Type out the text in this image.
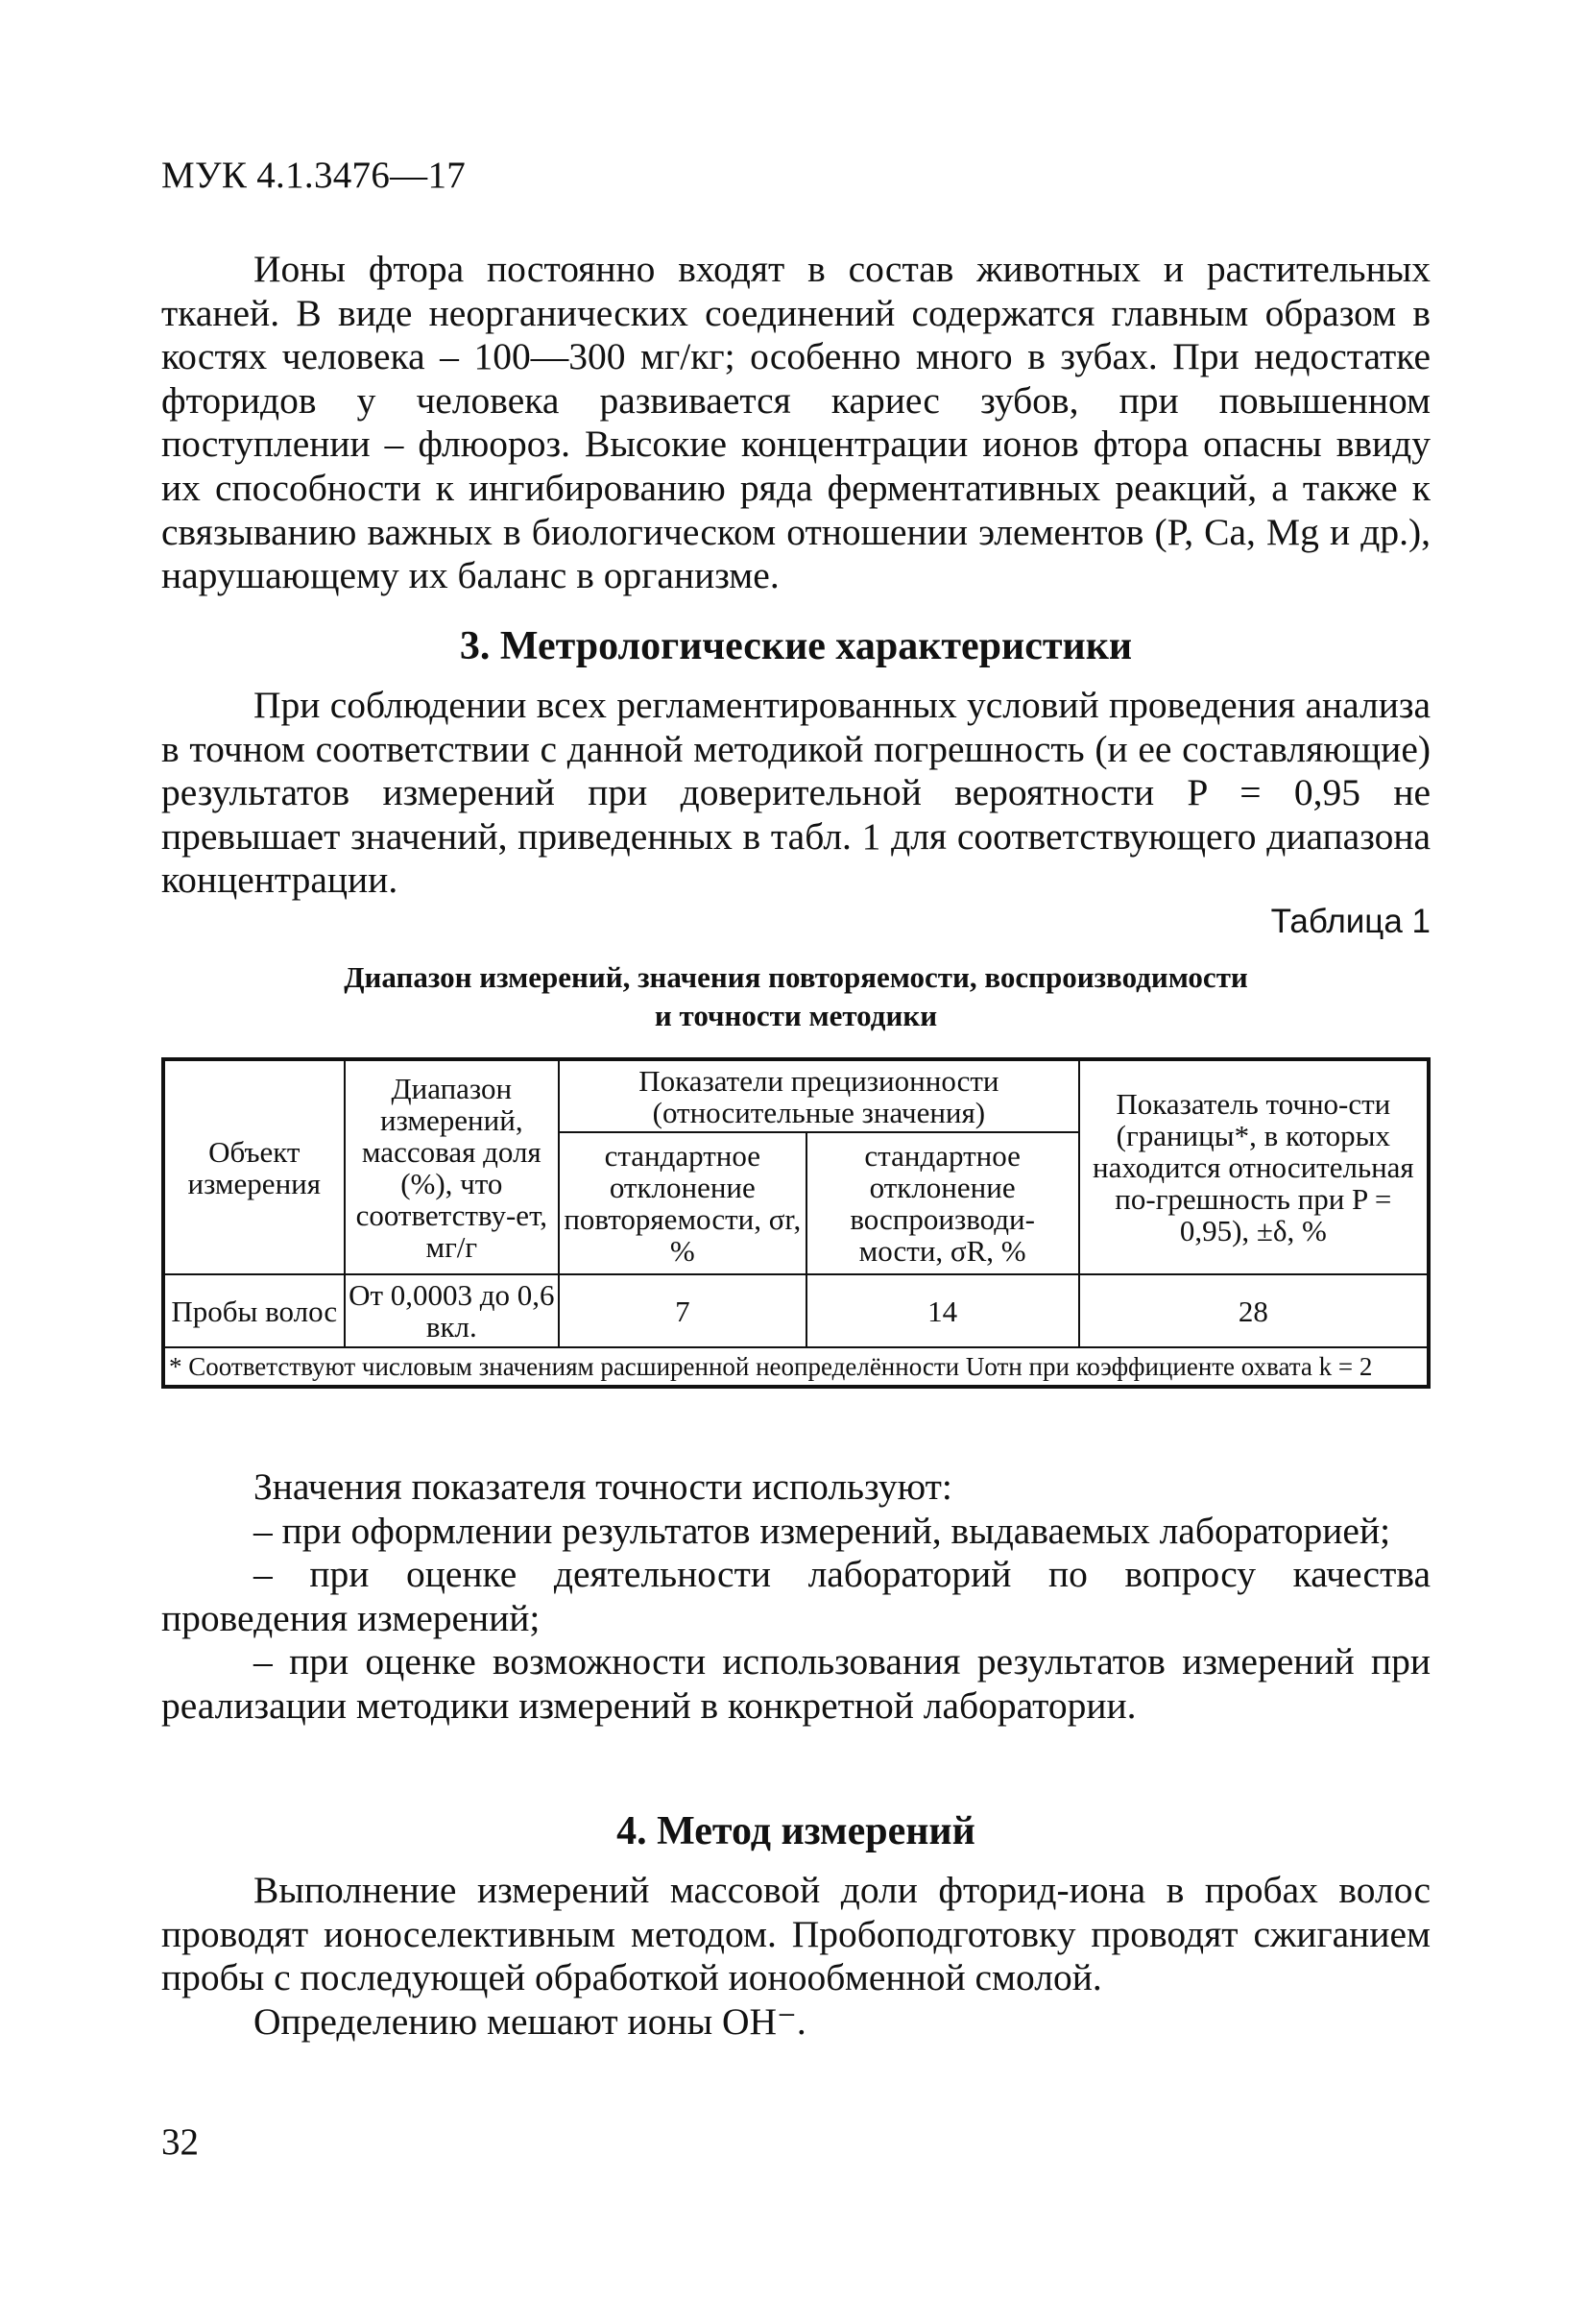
МУК 4.1.3476—17

Ионы фтора постоянно входят в состав животных и растительных тканей. В виде неорганических соединений содержатся главным образом в костях человека – 100—300 мг/кг; особенно много в зубах. При недостатке фторидов у человека развивается кариес зубов, при повышенном поступлении – флюороз. Высокие концентрации ионов фтора опасны ввиду их способности к ингибированию ряда ферментативных реакций, а также к связыванию важных в биологическом отношении элементов (P, Ca, Mg и др.), нарушающему их баланс в организме.

3. Метрологические характеристики

При соблюдении всех регламентированных условий проведения анализа в точном соответствии с данной методикой погрешность (и ее составляющие) результатов измерений при доверительной вероятности P = 0,95 не превышает значений, приведенных в табл. 1 для соответствующего диапазона концентрации.

Таблица 1
Диапазон измерений, значения повторяемости, воспроизводимости
и точности методики
Объект измерения	Диапазон измерений, массовая доля (%), что соответству-ет, мг/г	Показатели прецизионности (относительные значения)		Показатель точно-сти (границы*, в которых находится относительная по-грешность при P = 0,95), ±δ, %
		стандартное отклонение повторяемости, σr, %	стандартное отклонение воспроизводи-мости, σR, %	
Пробы волос	От 0,0003 до 0,6 вкл.	7	14	28
* Соответствуют числовым значениям расширенной неопределённости Uотн при коэффициенте охвата k = 2				

Значения показателя точности используют:

– при оформлении результатов измерений, выдаваемых лабораторией;

– при оценке деятельности лабораторий по вопросу качества проведения измерений;

– при оценке возможности использования результатов измерений при реализации методики измерений в конкретной лаборатории.

4. Метод измерений

Выполнение измерений массовой доли фторид-иона в пробах волос проводят ионоселективным методом. Пробоподготовку проводят сжиганием пробы с последующей обработкой ионообменной смолой.

Определению мешают ионы OH⁻.

32
